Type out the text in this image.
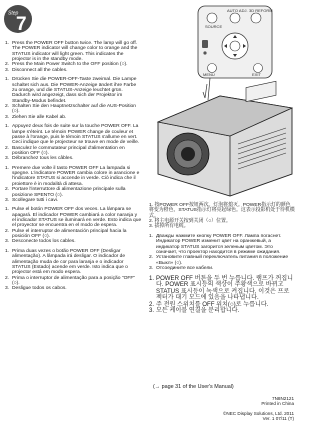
Step
7	SOURCE
AUTO ADJ. 3D REFORM
MENU	EXIT
1. Press the POWER OFF button twice. The lamp will go off. The POWER indicator will change color to orange and the STATUS indicator will light green. This indicates the projector is in the standby mode.
2. Press the Main Power Switch to the OFF position (○).
3. Disconnect all the cables.
1. Drücken Sie die POWER-OFF-Taste zweimal. Die Lampe schaltet sich aus. Die POWER-Anzeige ändert ihre Farbe zu orange, und die STATUS-Anzeige leuchtet grün. Dadurch wird angezeigt, dass sich der Projektor im Standby-Modus befindet.
2. Schalten Sie den Hauptnetzschalter auf die AUS-Position (○).
3. Ziehen Sie alle Kabel ab.
1. Appuyez deux fois de suite sur la touche POWER OFF. La lampe s'éteint. Le témoin POWER change de couleur et passe à l'orange, puis le témoin STATUS s'allume en vert. Ceci indique que le projecteur se trouve en mode de veille.
2. Basculez le commutateur principal d'alimentation en position OFF (○).
3. Débranchez tous les câbles.
1. Premere due volte il tasto POWER OFF La lampada si spegne. L'indicatore POWER cambia colore in arancione e l'indicatore STATUS si accende in verde. Ciò indica che il proiettore è in modalità di attesa.
2. Portare l'interruttore di alimentazione principale sulla posizione SPENTO (○).
3. Scollegare tutti i cavi.
1. Pulse el botón POWER OFF dos veces. La lámpara se apagará. El indicador POWER cambiará a color naranja y el indicador STATUS se iluminará en verde. Esto indica que el proyector se encuentra en el modo de espera.
2. Pulse el interruptor de alimentación principal hacia la posición OFF (○).
3. Desconecte todos los cables.
1. Prima duas vezes o botão POWER OFF (Desligar alimentação). A lâmpada irá desligar. O indicador de alimentação muda de cor para laranja e o indicador STATUS (Estado) acende em verde. Isto indica que o projector está em modo espera.
2. Prima o interruptor de alimentação para a posição "OFF" (○).
3. Desligue todos os cabos.
1. 按POWER OFF按钮两次。灯泡将熄灭。POWER指示灯的颜色将变为橙色，STATUS指示灯将亮起绿色。这表示投影机处于待机模式。
2. 将主电源开关按到关闭（○）位置。
3. 拔掉所有电缆。
1. Дважды нажмите кнопку POWER OFF. Лампа погаснет. Индикатор POWER изменит цвет на оранжевый, а индикатор STATUS загорится зеленым цветом. Это означает, что проектор находится в режиме ожидания.
2. Установите главный переключатель питания в положение «Выкл» (○).
3. Отсоедините все кабели.
1. POWER OFF 버튼을 두 번 누릅니다. 램프가 꺼집니다. POWER 표시등의 색상이 주황색으로 바뀌고 STATUS 표시등이 녹색으로 켜집니다. 이것은 프로젝터가 대기 모드에 있음을 나타냅니다.
2. 주 전원 스위치를 OFF 위치(○)로 누릅니다.
3. 모든 케이블 연결을 분리합니다.
(→ page 31 of the User's Manual)
7N8N2121
Printed in China
©NEC Display Solutions, Ltd. 2011
Ver. 1 07/11 (T)
